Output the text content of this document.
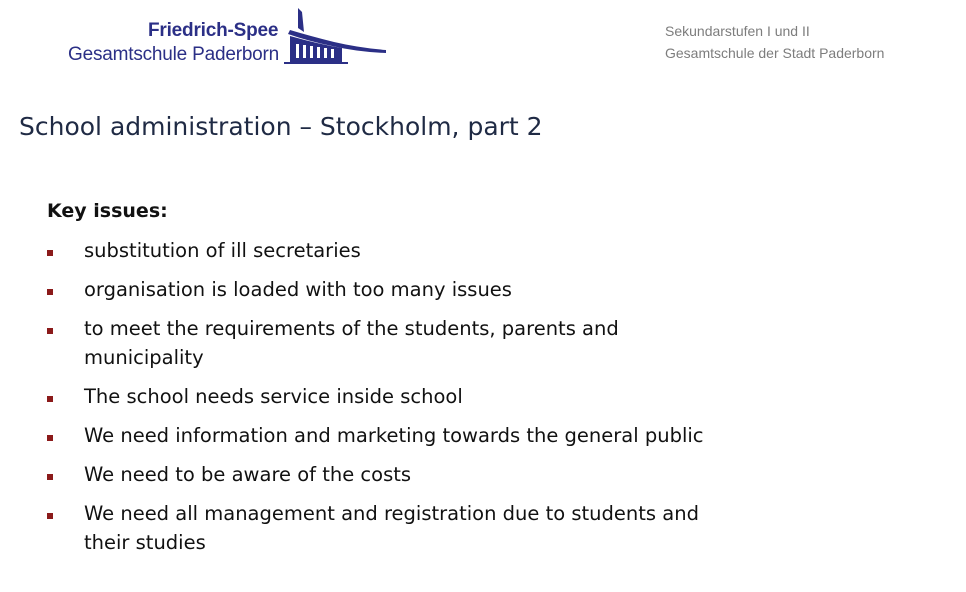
Friedrich-Spee
Gesamtschule Paderborn
Sekundarstufen I und II
Gesamtschule der Stadt Paderborn
School administration – Stockholm, part 2
Key issues:
substitution of ill secretaries
organisation is loaded with too many issues
to meet the requirements of the students, parents and municipality
The school needs service inside school
We need information and marketing towards the general public
We need to be aware of the costs
We need all management and registration due to students and their studies
